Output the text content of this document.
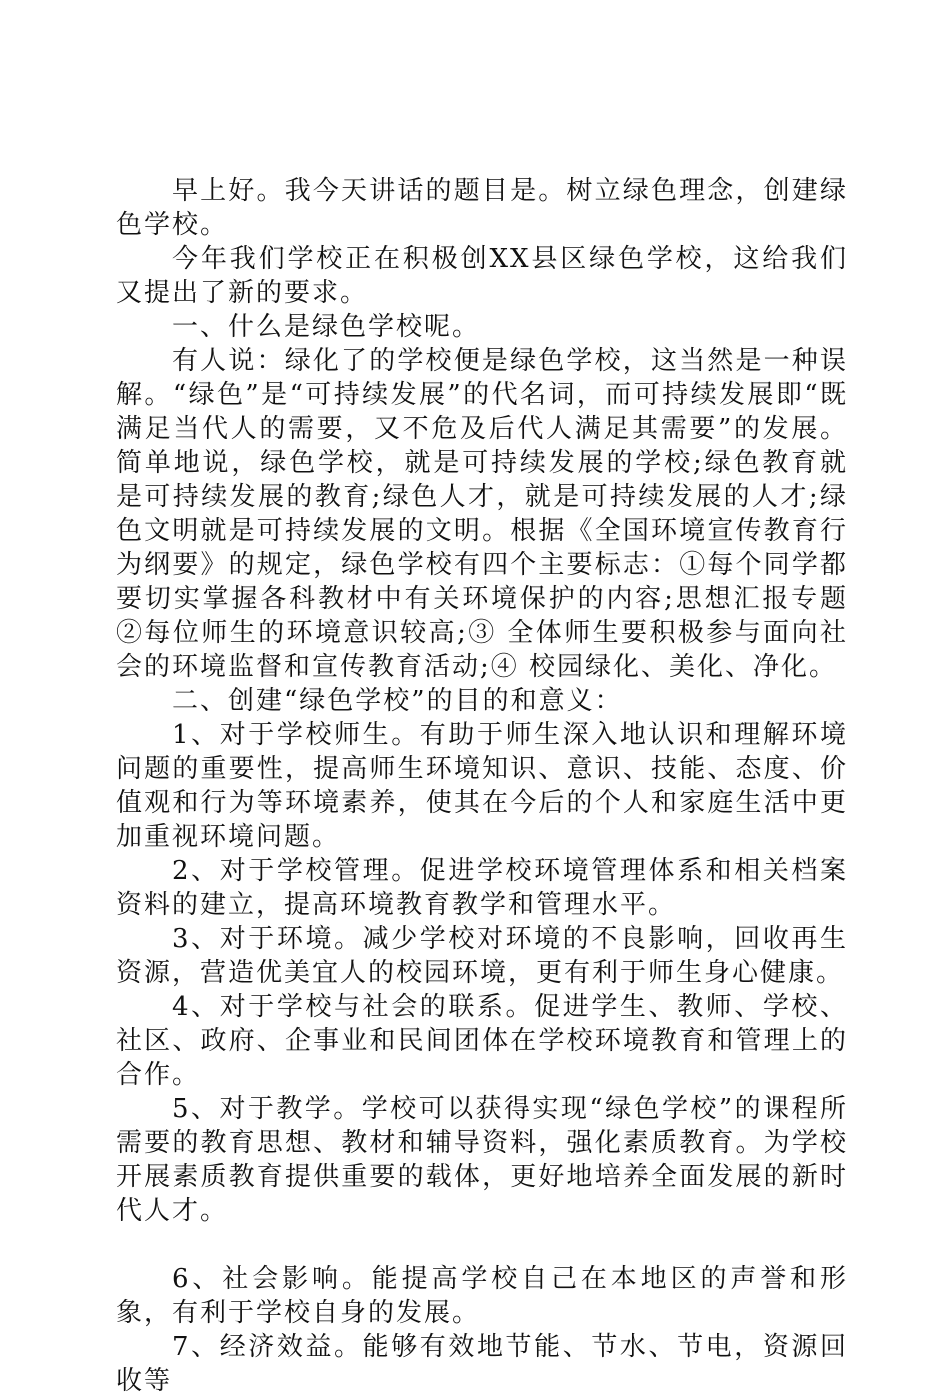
早上好。我今天讲话的题目是。树立绿色理念，创建绿色学校。

今年我们学校正在积极创XX县区绿色学校，这给我们又提出了新的要求。

一、什么是绿色学校呢。

有人说：绿化了的学校便是绿色学校，这当然是一种误解。“绿色”是“可持续发展”的代名词，而可持续发展即“既满足当代人的需要，又不危及后代人满足其需要”的发展。简单地说，绿色学校，就是可持续发展的学校;绿色教育就是可持续发展的教育;绿色人才，就是可持续发展的人才;绿色文明就是可持续发展的文明。根据《全国环境宣传教育行为纲要》的规定，绿色学校有四个主要标志：①每个同学都要切实掌握各科教材中有关环境保护的内容;思想汇报专题②每位师生的环境意识较高;③ 全体师生要积极参与面向社会的环境监督和宣传教育活动;④ 校园绿化、美化、净化。

二、创建“绿色学校”的目的和意义：

1、对于学校师生。有助于师生深入地认识和理解环境问题的重要性，提高师生环境知识、意识、技能、态度、价值观和行为等环境素养，使其在今后的个人和家庭生活中更加重视环境问题。

2、对于学校管理。促进学校环境管理体系和相关档案资料的建立，提高环境教育教学和管理水平。

3、对于环境。减少学校对环境的不良影响，回收再生资源，营造优美宜人的校园环境，更有利于师生身心健康。

4、对于学校与社会的联系。促进学生、教师、学校、社区、政府、企事业和民间团体在学校环境教育和管理上的合作。

5、对于教学。学校可以获得实现“绿色学校”的课程所需要的教育思想、教材和辅导资料，强化素质教育。为学校开展素质教育提供重要的载体，更好地培养全面发展的新时代人才。

6、社会影响。能提高学校自己在本地区的声誉和形象，有利于学校自身的发展。

7、经济效益。能够有效地节能、节水、节电，资源回收等
